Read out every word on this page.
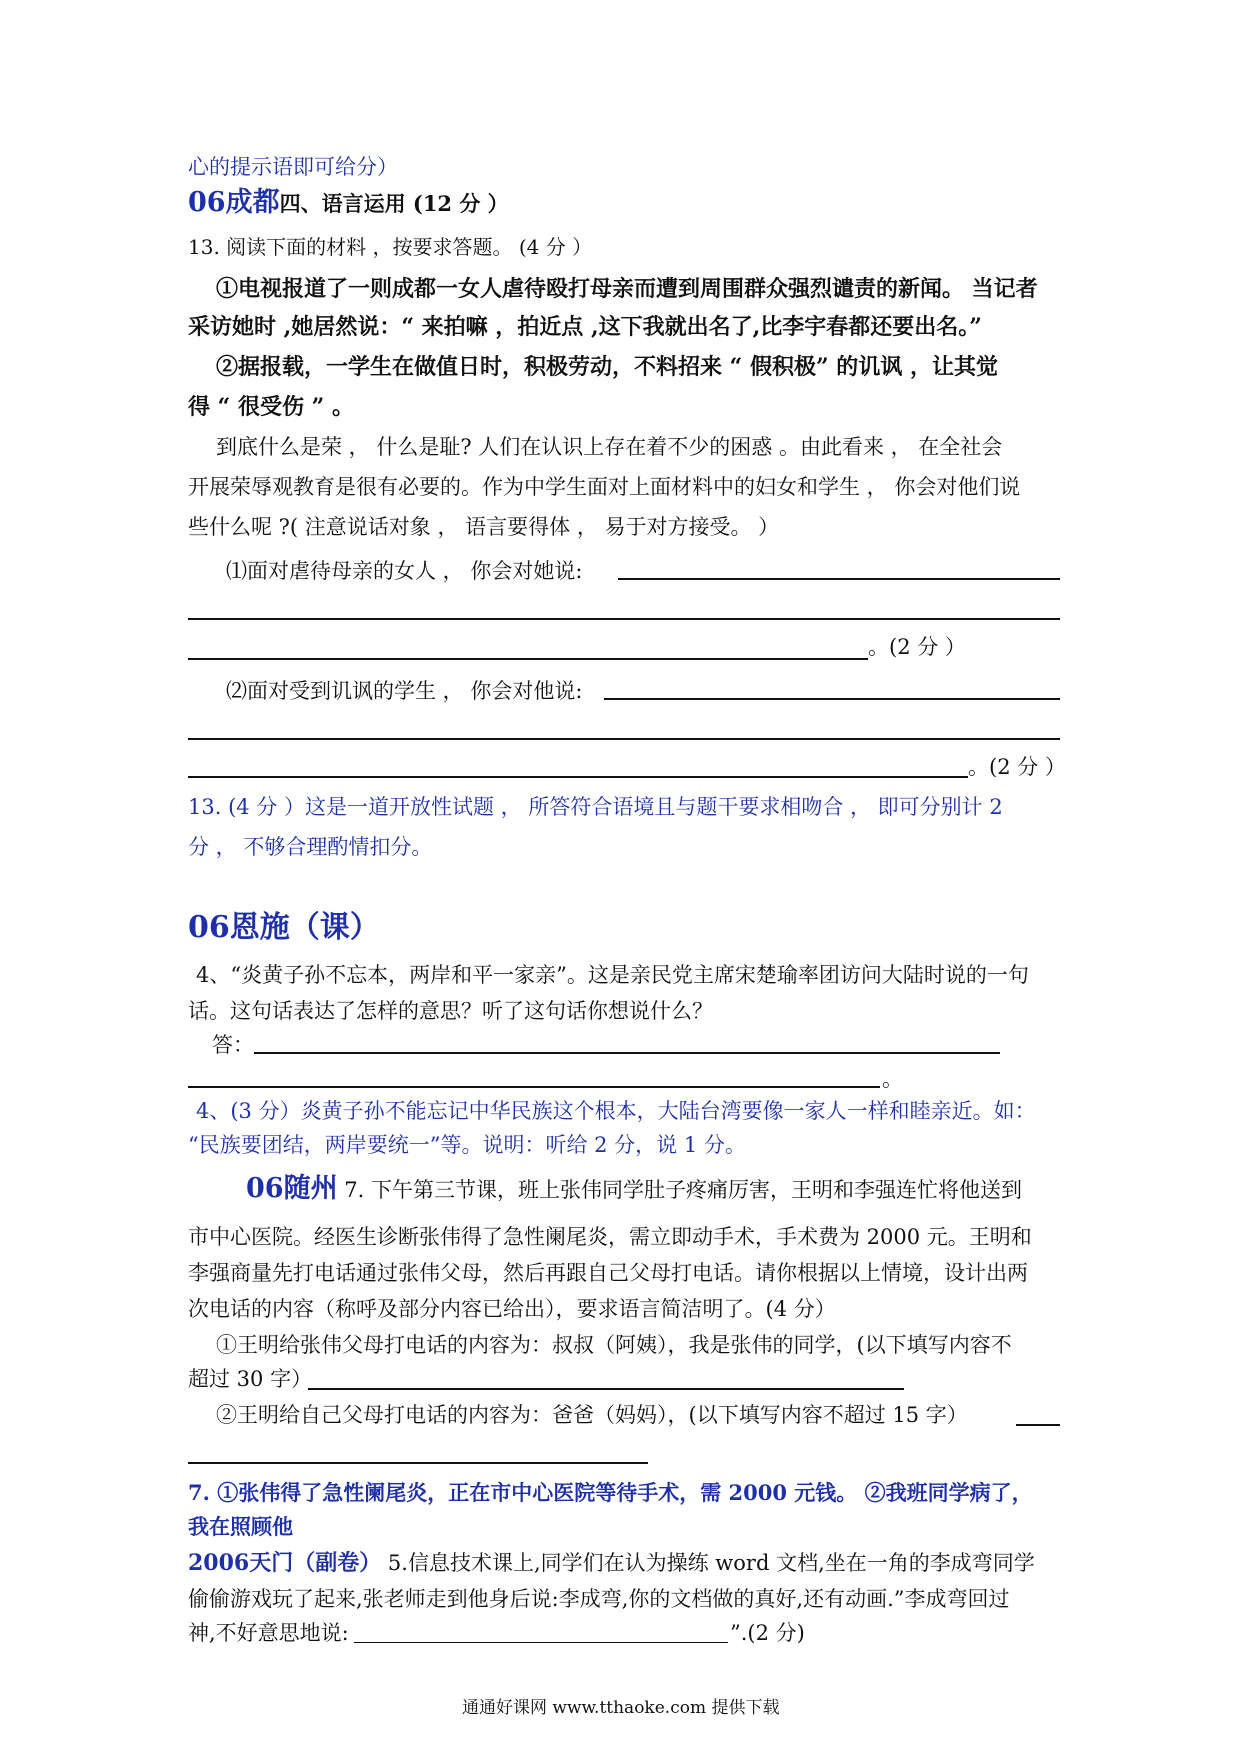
心的提示语即可给分）
06成都四、语言运用 (12 分 ）
13. 阅读下面的材料 ，按要求答题。 (4 分 ）
①电视报道了一则成都一女人虐待殴打母亲而遭到周围群众强烈谴责的新闻。 当记者
采访她时 ,她居然说：“ 来拍嘛 ，拍近点 ,这下我就出名了,比李宇春都还要出名。”
②据报载，一学生在做值日时，积极劳动，不料招来 “ 假积极” 的讥讽 ，让其觉
得 “ 很受伤 ” 。
到底什么是荣 ， 什么是耻? 人们在认识上存在着不少的困惑 。由此看来 ， 在全社会
开展荣辱观教育是很有必要的。作为中学生面对上面材料中的妇女和学生 ， 你会对他们说
些什么呢 ?( 注意说话对象 ， 语言要得体 ， 易于对方接受。 ）
⑴面对虐待母亲的女人 ， 你会对她说:
。(2 分 ）
⑵面对受到讥讽的学生 ， 你会对他说:
。(2 分 ）
13. (4 分 ）这是一道开放性试题 ， 所答符合语境且与题干要求相吻合 ， 即可分别计 2
分 ， 不够合理酌情扣分。
06恩施（课）
4、“炎黄子孙不忘本，两岸和平一家亲”。这是亲民党主席宋楚瑜率团访问大陆时说的一句
话。这句话表达了怎样的意思？听了这句话你想说什么？
答：
。
4、(3 分）炎黄子孙不能忘记中华民族这个根本，大陆台湾要像一家人一样和睦亲近。如：
“民族要团结，两岸要统一”等。说明：听给 2 分，说 1 分。
06随州 7. 下午第三节课，班上张伟同学肚子疼痛厉害，王明和李强连忙将他送到
市中心医院。经医生诊断张伟得了急性阑尾炎，需立即动手术，手术费为 2000 元。王明和
李强商量先打电话通过张伟父母，然后再跟自己父母打电话。请你根据以上情境，设计出两
次电话的内容（称呼及部分内容已给出），要求语言简洁明了。(4 分）
①王明给张伟父母打电话的内容为：叔叔（阿姨），我是张伟的同学，(以下填写内容不
超过 30 字）
②王明给自己父母打电话的内容为：爸爸（妈妈），(以下填写内容不超过 15 字）
7. ①张伟得了急性阑尾炎，正在市中心医院等待手术，需 2000 元钱。 ②我班同学病了，
我在照顾他
2006天门（副卷） 5.信息技术课上,同学们在认为操练 word 文档,坐在一角的李成弯同学
偷偷游戏玩了起来,张老师走到他身后说:李成弯,你的文档做的真好,还有动画.”李成弯回过
神,不好意思地说:	”.(2 分)
通通好课网 www.tthaoke.com 提供下载
